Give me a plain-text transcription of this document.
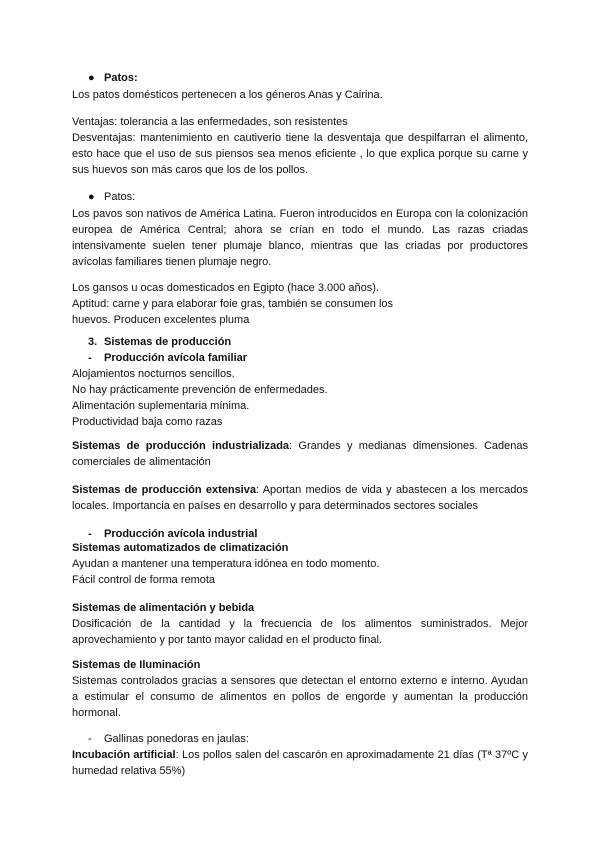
● Patos:

Los patos domésticos pertenecen a los géneros Anas y Cairina.

Ventajas: tolerancia a las enfermedades, son resistentes

Desventajas: mantenimiento en cautiverio tiene la desventaja que despilfarran el alimento, esto hace que el uso de sus piensos sea menos eficiente , lo que explica porque su carne y sus huevos son más caros que los de los pollos.

● Patos:

Los pavos son nativos de América Latina. Fueron introducidos en Europa con la colonización europea de América Central; ahora se crían en todo el mundo. Las razas criadas intensivamente suelen tener plumaje blanco, mientras que las criadas por productores avícolas familiares tienen plumaje negro.

Los gansos u ocas domesticados en Egipto (hace 3.000 años).

Aptitud: carne y para elaborar foie gras, también se consumen los

huevos. Producen excelentes pluma

3. Sistemas de producción
- Producción avícola familiar

Alojamientos nocturnos sencillos.

No hay prácticamente prevención de enfermedades.

Alimentación suplementaria mínima.

Productividad baja como razas

Sistemas de producción industrializada: Grandes y medianas dimensiones. Cadenas comerciales de alimentación

Sistemas de producción extensiva: Aportan medios de vida y abastecen a los mercados locales. Importancia en países en desarrollo y para determinados sectores sociales

- Producción avícola industrial

Sistemas automatizados de climatización

Ayudan a mantener una temperatura idónea en todo momento.

Fácil control de forma remota

Sistemas de alimentación y bebida

Dosificación de la cantidad y la frecuencia de los alimentos suministrados. Mejor aprovechamiento y por tanto mayor calidad en el producto final.

Sistemas de Iluminación

Sistemas controlados gracias a sensores que detectan el entorno externo e interno. Ayudan a estimular el consumo de alimentos en pollos de engorde y aumentan la producción hormonal.

- Gallinas ponedoras en jaulas:

Incubación artificial: Los pollos salen del cascarón en aproximadamente 21 días (Tª 37ºC y humedad relativa 55%)
